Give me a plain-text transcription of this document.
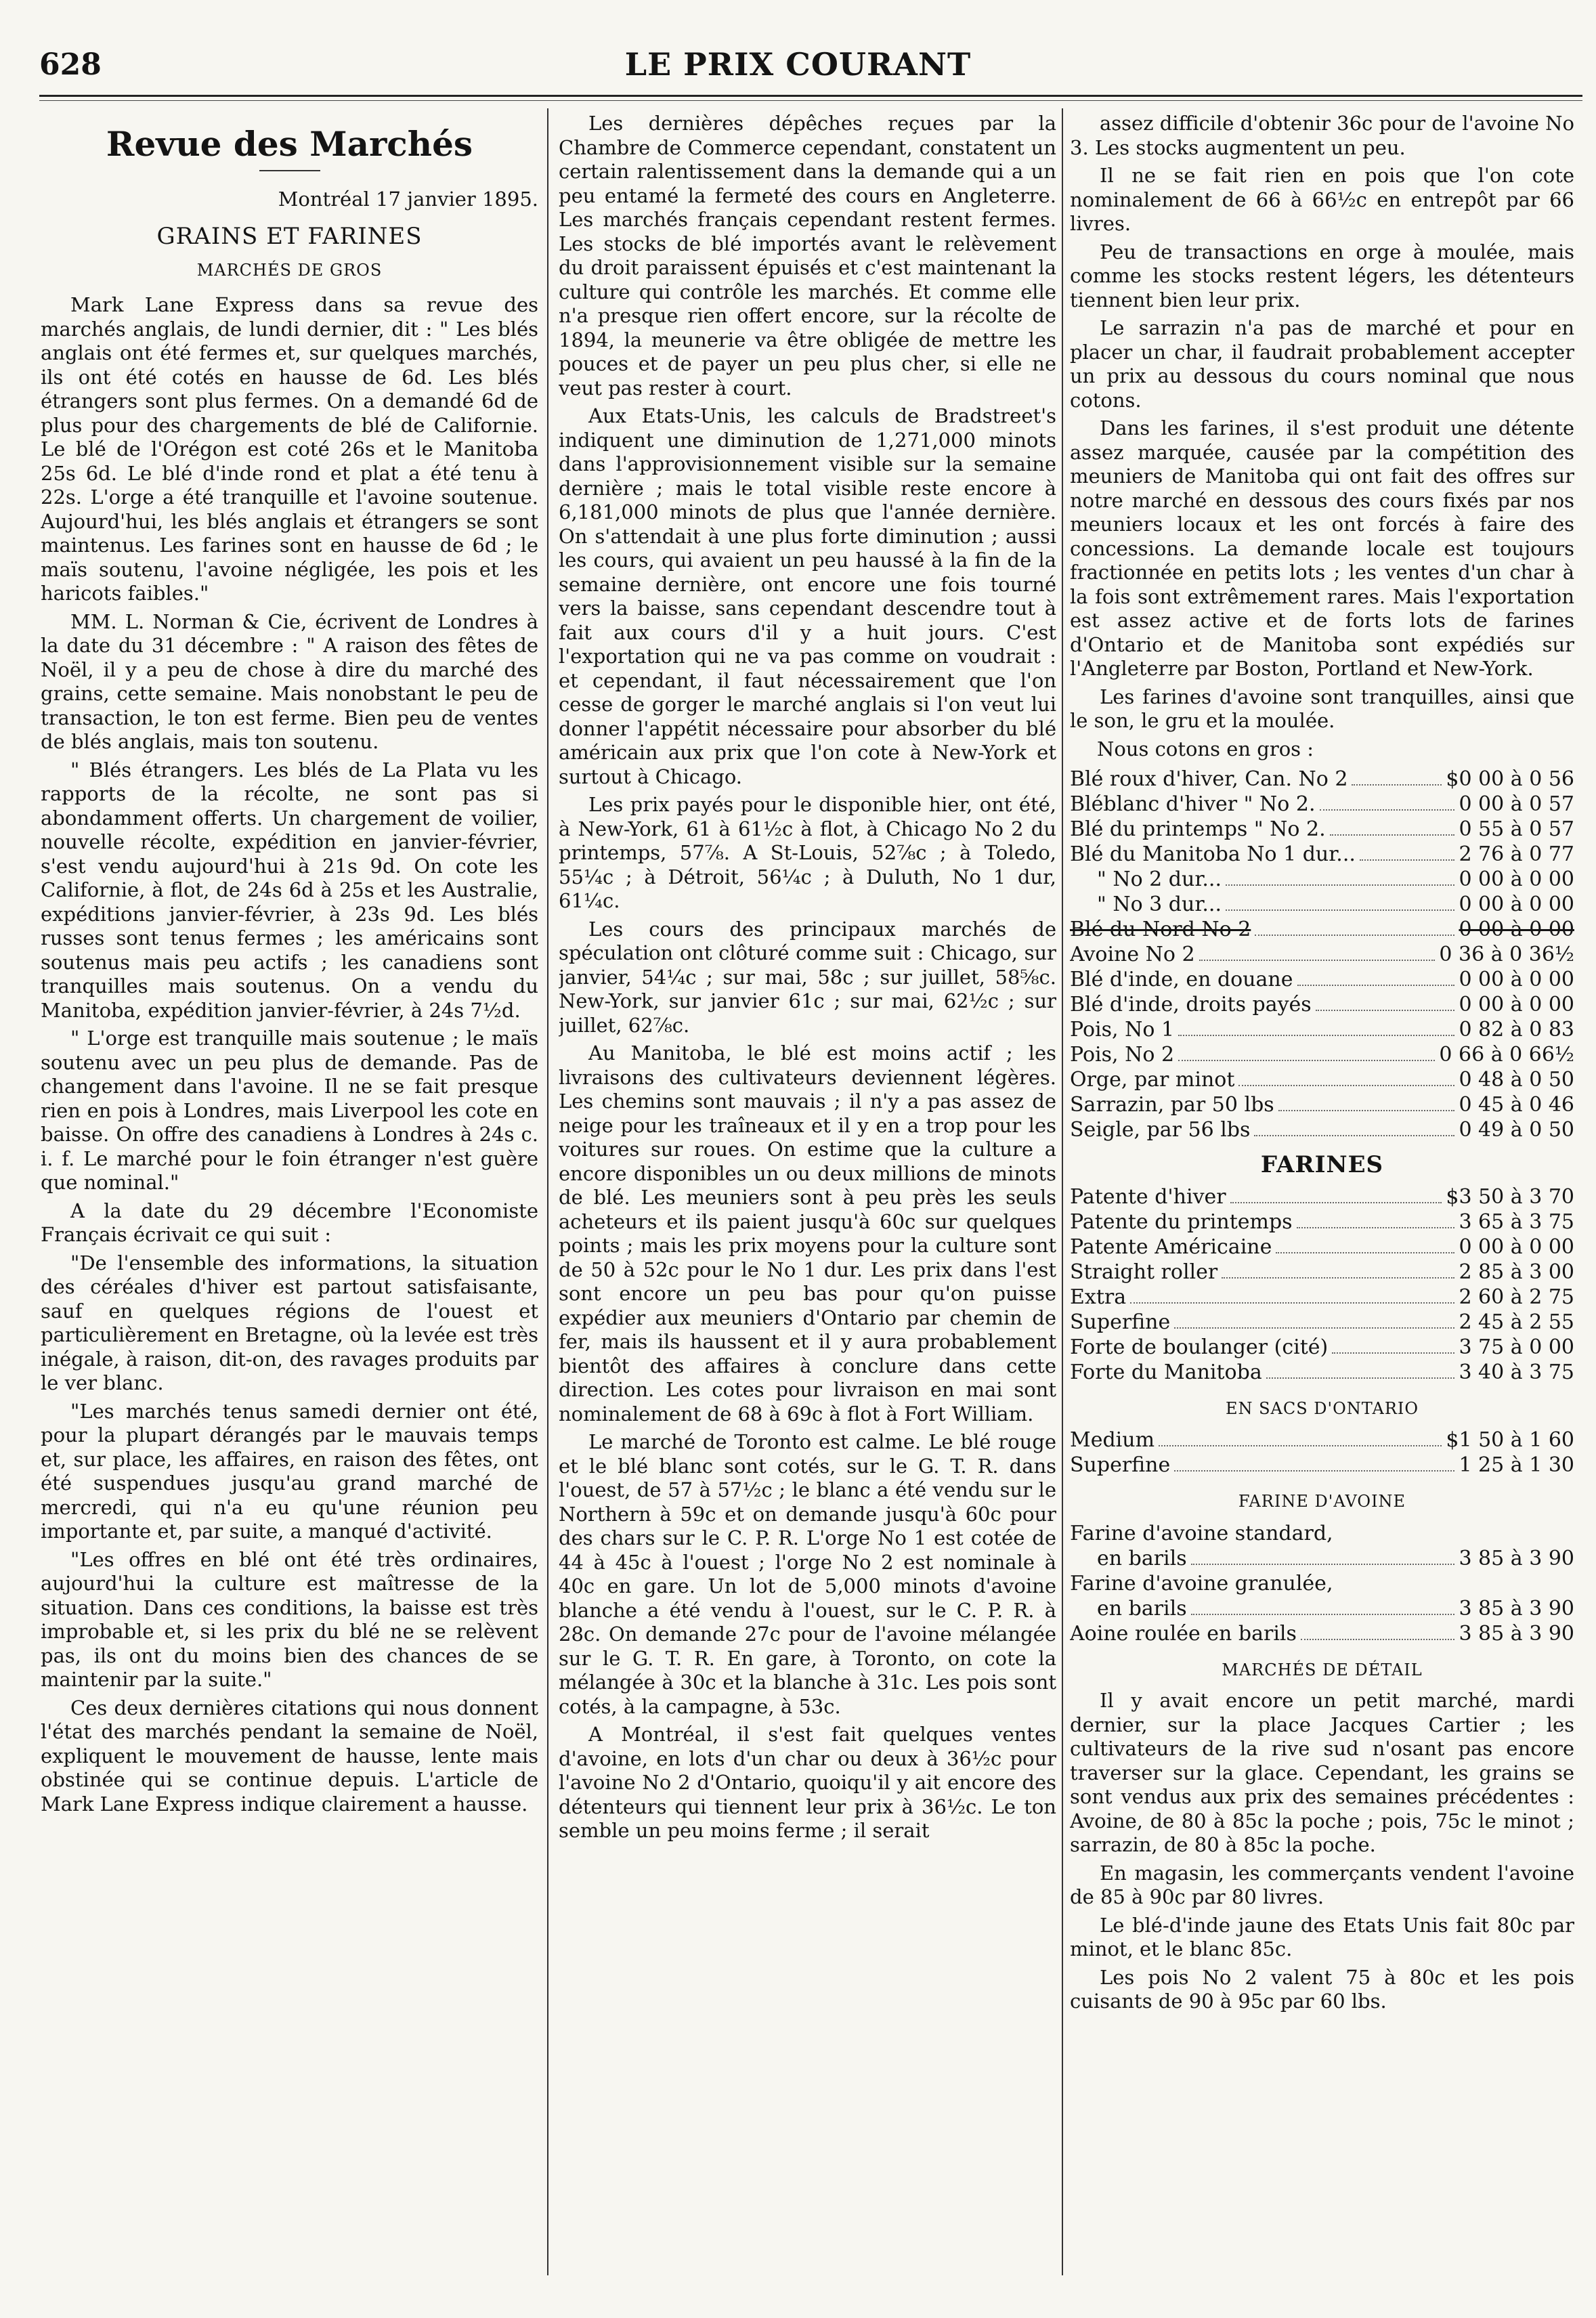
628	LE PRIX COURANT
Revue des Marchés
Montréal 17 janvier 1895.
GRAINS ET FARINES
MARCHÉS DE GROS

Mark Lane Express dans sa revue des marchés anglais, de lundi dernier, dit : " Les blés anglais ont été fermes et, sur quelques marchés, ils ont été cotés en hausse de 6d. Les blés étrangers sont plus fermes. On a demandé 6d de plus pour des chargements de blé de Californie. Le blé de l'Orégon est coté 26s et le Manitoba 25s 6d. Le blé d'inde rond et plat a été tenu à 22s. L'orge a été tranquille et l'avoine soutenue. Aujourd'hui, les blés anglais et étrangers se sont maintenus. Les farines sont en hausse de 6d ; le maïs soutenu, l'avoine négligée, les pois et les haricots faibles."

MM. L. Norman & Cie, écrivent de Londres à la date du 31 décembre : " A raison des fêtes de Noël, il y a peu de chose à dire du marché des grains, cette semaine. Mais nonobstant le peu de transaction, le ton est ferme. Bien peu de ventes de blés anglais, mais ton soutenu.

" Blés étrangers. Les blés de La Plata vu les rapports de la récolte, ne sont pas si abondamment offerts. Un chargement de voilier, nouvelle récolte, expédition en janvier-février, s'est vendu aujourd'hui à 21s 9d. On cote les Californie, à flot, de 24s 6d à 25s et les Australie, expéditions janvier-février, à 23s 9d. Les blés russes sont tenus fermes ; les américains sont soutenus mais peu actifs ; les canadiens sont tranquilles mais soutenus. On a vendu du Manitoba, expédition janvier-février, à 24s 7½d.

" L'orge est tranquille mais soutenue ; le maïs soutenu avec un peu plus de demande. Pas de changement dans l'avoine. Il ne se fait presque rien en pois à Londres, mais Liverpool les cote en baisse. On offre des canadiens à Londres à 24s c. i. f. Le marché pour le foin étranger n'est guère que nominal."

A la date du 29 décembre l'Economiste Français écrivait ce qui suit :

"De l'ensemble des informations, la situation des céréales d'hiver est partout satisfaisante, sauf en quelques régions de l'ouest et particulièrement en Bretagne, où la levée est très inégale, à raison, dit-on, des ravages produits par le ver blanc.

"Les marchés tenus samedi dernier ont été, pour la plupart dérangés par le mauvais temps et, sur place, les affaires, en raison des fêtes, ont été suspendues jusqu'au grand marché de mercredi, qui n'a eu qu'une réunion peu importante et, par suite, a manqué d'activité.

"Les offres en blé ont été très ordinaires, aujourd'hui la culture est maîtresse de la situation. Dans ces conditions, la baisse est très improbable et, si les prix du blé ne se relèvent pas, ils ont du moins bien des chances de se maintenir par la suite."

Ces deux dernières citations qui nous donnent l'état des marchés pendant la semaine de Noël, expliquent le mouvement de hausse, lente mais obstinée qui se continue depuis. L'article de Mark Lane Express indique clairement a hausse.

Les dernières dépêches reçues par la Chambre de Commerce cependant, constatent un certain ralentissement dans la demande qui a un peu entamé la fermeté des cours en Angleterre. Les marchés français cependant restent fermes. Les stocks de blé importés avant le relèvement du droit paraissent épuisés et c'est maintenant la culture qui contrôle les marchés. Et comme elle n'a presque rien offert encore, sur la récolte de 1894, la meunerie va être obligée de mettre les pouces et de payer un peu plus cher, si elle ne veut pas rester à court.

Aux Etats-Unis, les calculs de Bradstreet's indiquent une diminution de 1,271,000 minots dans l'approvisionnement visible sur la semaine dernière ; mais le total visible reste encore à 6,181,000 minots de plus que l'année dernière. On s'attendait à une plus forte diminution ; aussi les cours, qui avaient un peu haussé à la fin de la semaine dernière, ont encore une fois tourné vers la baisse, sans cependant descendre tout à fait aux cours d'il y a huit jours. C'est l'exportation qui ne va pas comme on voudrait : et cependant, il faut nécessairement que l'on cesse de gorger le marché anglais si l'on veut lui donner l'appétit nécessaire pour absorber du blé américain aux prix que l'on cote à New-York et surtout à Chicago.

Les prix payés pour le disponible hier, ont été, à New-York, 61 à 61½c à flot, à Chicago No 2 du printemps, 57⅞. A St-Louis, 52⅞c ; à Toledo, 55¼c ; à Détroit, 56¼c ; à Duluth, No 1 dur, 61¼c.

Les cours des principaux marchés de spéculation ont clôturé comme suit : Chicago, sur janvier, 54¼c ; sur mai, 58c ; sur juillet, 58⅝c. New-York, sur janvier 61c ; sur mai, 62½c ; sur juillet, 62⅞c.

Au Manitoba, le blé est moins actif ; les livraisons des cultivateurs deviennent légères. Les chemins sont mauvais ; il n'y a pas assez de neige pour les traîneaux et il y en a trop pour les voitures sur roues. On estime que la culture a encore disponibles un ou deux millions de minots de blé. Les meuniers sont à peu près les seuls acheteurs et ils paient jusqu'à 60c sur quelques points ; mais les prix moyens pour la culture sont de 50 à 52c pour le No 1 dur. Les prix dans l'est sont encore un peu bas pour qu'on puisse expédier aux meuniers d'Ontario par chemin de fer, mais ils haussent et il y aura probablement bientôt des affaires à conclure dans cette direction. Les cotes pour livraison en mai sont nominalement de 68 à 69c à flot à Fort William.

Le marché de Toronto est calme. Le blé rouge et le blé blanc sont cotés, sur le G. T. R. dans l'ouest, de 57 à 57½c ; le blanc a été vendu sur le Northern à 59c et on demande jusqu'à 60c pour des chars sur le C. P. R. L'orge No 1 est cotée de 44 à 45c à l'ouest ; l'orge No 2 est nominale à 40c en gare. Un lot de 5,000 minots d'avoine blanche a été vendu à l'ouest, sur le C. P. R. à 28c. On demande 27c pour de l'avoine mélangée sur le G. T. R. En gare, à Toronto, on cote la mélangée à 30c et la blanche à 31c. Les pois sont cotés, à la campagne, à 53c.

A Montréal, il s'est fait quelques ventes d'avoine, en lots d'un char ou deux à 36½c pour l'avoine No 2 d'Ontario, quoiqu'il y ait encore des détenteurs qui tiennent leur prix à 36½c. Le ton semble un peu moins ferme ; il serait

assez difficile d'obtenir 36c pour de l'avoine No 3. Les stocks augmentent un peu.

Il ne se fait rien en pois que l'on cote nominalement de 66 à 66½c en entrepôt par 66 livres.

Peu de transactions en orge à moulée, mais comme les stocks restent légers, les détenteurs tiennent bien leur prix.

Le sarrazin n'a pas de marché et pour en placer un char, il faudrait probablement accepter un prix au dessous du cours nominal que nous cotons.

Dans les farines, il s'est produit une détente assez marquée, causée par la compétition des meuniers de Manitoba qui ont fait des offres sur notre marché en dessous des cours fixés par nos meuniers locaux et les ont forcés à faire des concessions. La demande locale est toujours fractionnée en petits lots ; les ventes d'un char à la fois sont extrêmement rares. Mais l'exportation est assez active et de forts lots de farines d'Ontario et de Manitoba sont expédiés sur l'Angleterre par Boston, Portland et New-York.

Les farines d'avoine sont tranquilles, ainsi que le son, le gru et la moulée.

Nous cotons en gros :

Blé roux d'hiver, Can. No 2	$0 00 à 0 56
Bléblanc d'hiver " No 2.	0 00 à 0 57
Blé du printemps " No 2.	0 55 à 0 57
Blé du Manitoba No 1 dur...	2 76 à 0 77
" No 2 dur...	0 00 à 0 00
" No 3 dur...	0 00 à 0 00
Blé du Nord No 2	0 00 à 0 00
Avoine No 2	0 36 à 0 36½
Blé d'inde, en douane	0 00 à 0 00
Blé d'inde, droits payés	0 00 à 0 00
Pois, No 1	0 82 à 0 83
Pois, No 2	0 66 à 0 66½
Orge, par minot	0 48 à 0 50
Sarrazin, par 50 lbs	0 45 à 0 46
Seigle, par 56 lbs	0 49 à 0 50
FARINES
Patente d'hiver	$3 50 à 3 70
Patente du printemps	3 65 à 3 75
Patente Américaine	0 00 à 0 00
Straight roller	2 85 à 3 00
Extra	2 60 à 2 75
Superfine	2 45 à 2 55
Forte de boulanger (cité)	3 75 à 0 00
Forte du Manitoba	3 40 à 3 75
EN SACS D'ONTARIO
Medium	$1 50 à 1 60
Superfine	1 25 à 1 30
FARINE D'AVOINE
Farine d'avoine standard,
en barils	3 85 à 3 90
Farine d'avoine granulée,
en barils	3 85 à 3 90
Aoine roulée en barils	3 85 à 3 90
MARCHÉS DE DÉTAIL

Il y avait encore un petit marché, mardi dernier, sur la place Jacques Cartier ; les cultivateurs de la rive sud n'osant pas encore traverser sur la glace. Cependant, les grains se sont vendus aux prix des semaines précédentes : Avoine, de 80 à 85c la poche ; pois, 75c le minot ; sarrazin, de 80 à 85c la poche.

En magasin, les commerçants vendent l'avoine de 85 à 90c par 80 livres.

Le blé-d'inde jaune des Etats Unis fait 80c par minot, et le blanc 85c.

Les pois No 2 valent 75 à 80c et les pois cuisants de 90 à 95c par 60 lbs.
